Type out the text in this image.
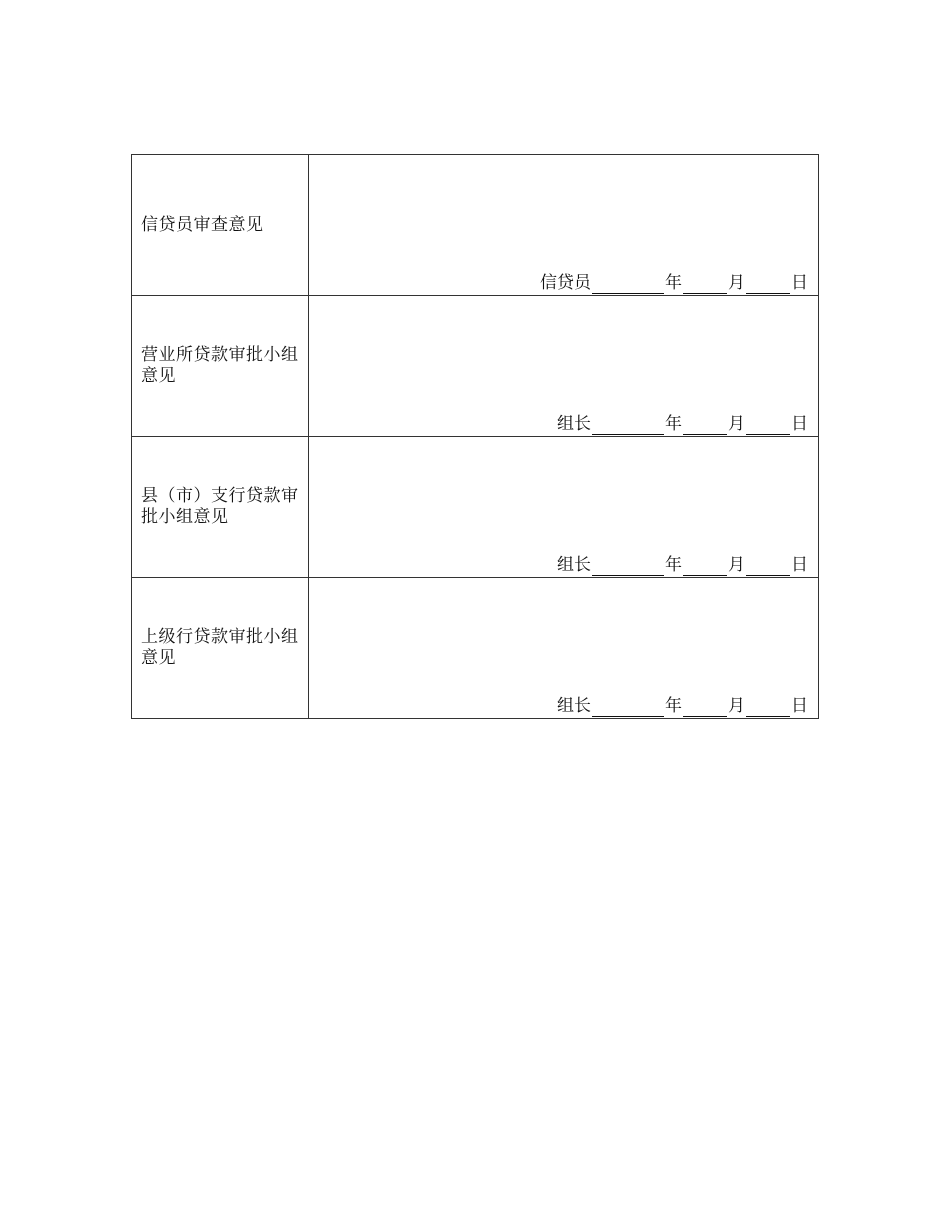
信贷员审查意见	信贷员 年 月 日

营业所贷款审批小组意见	组长 年 月 日

县（市）支行贷款审批小组意见	组长 年 月 日

上级行贷款审批小组意见	组长 年 月 日
